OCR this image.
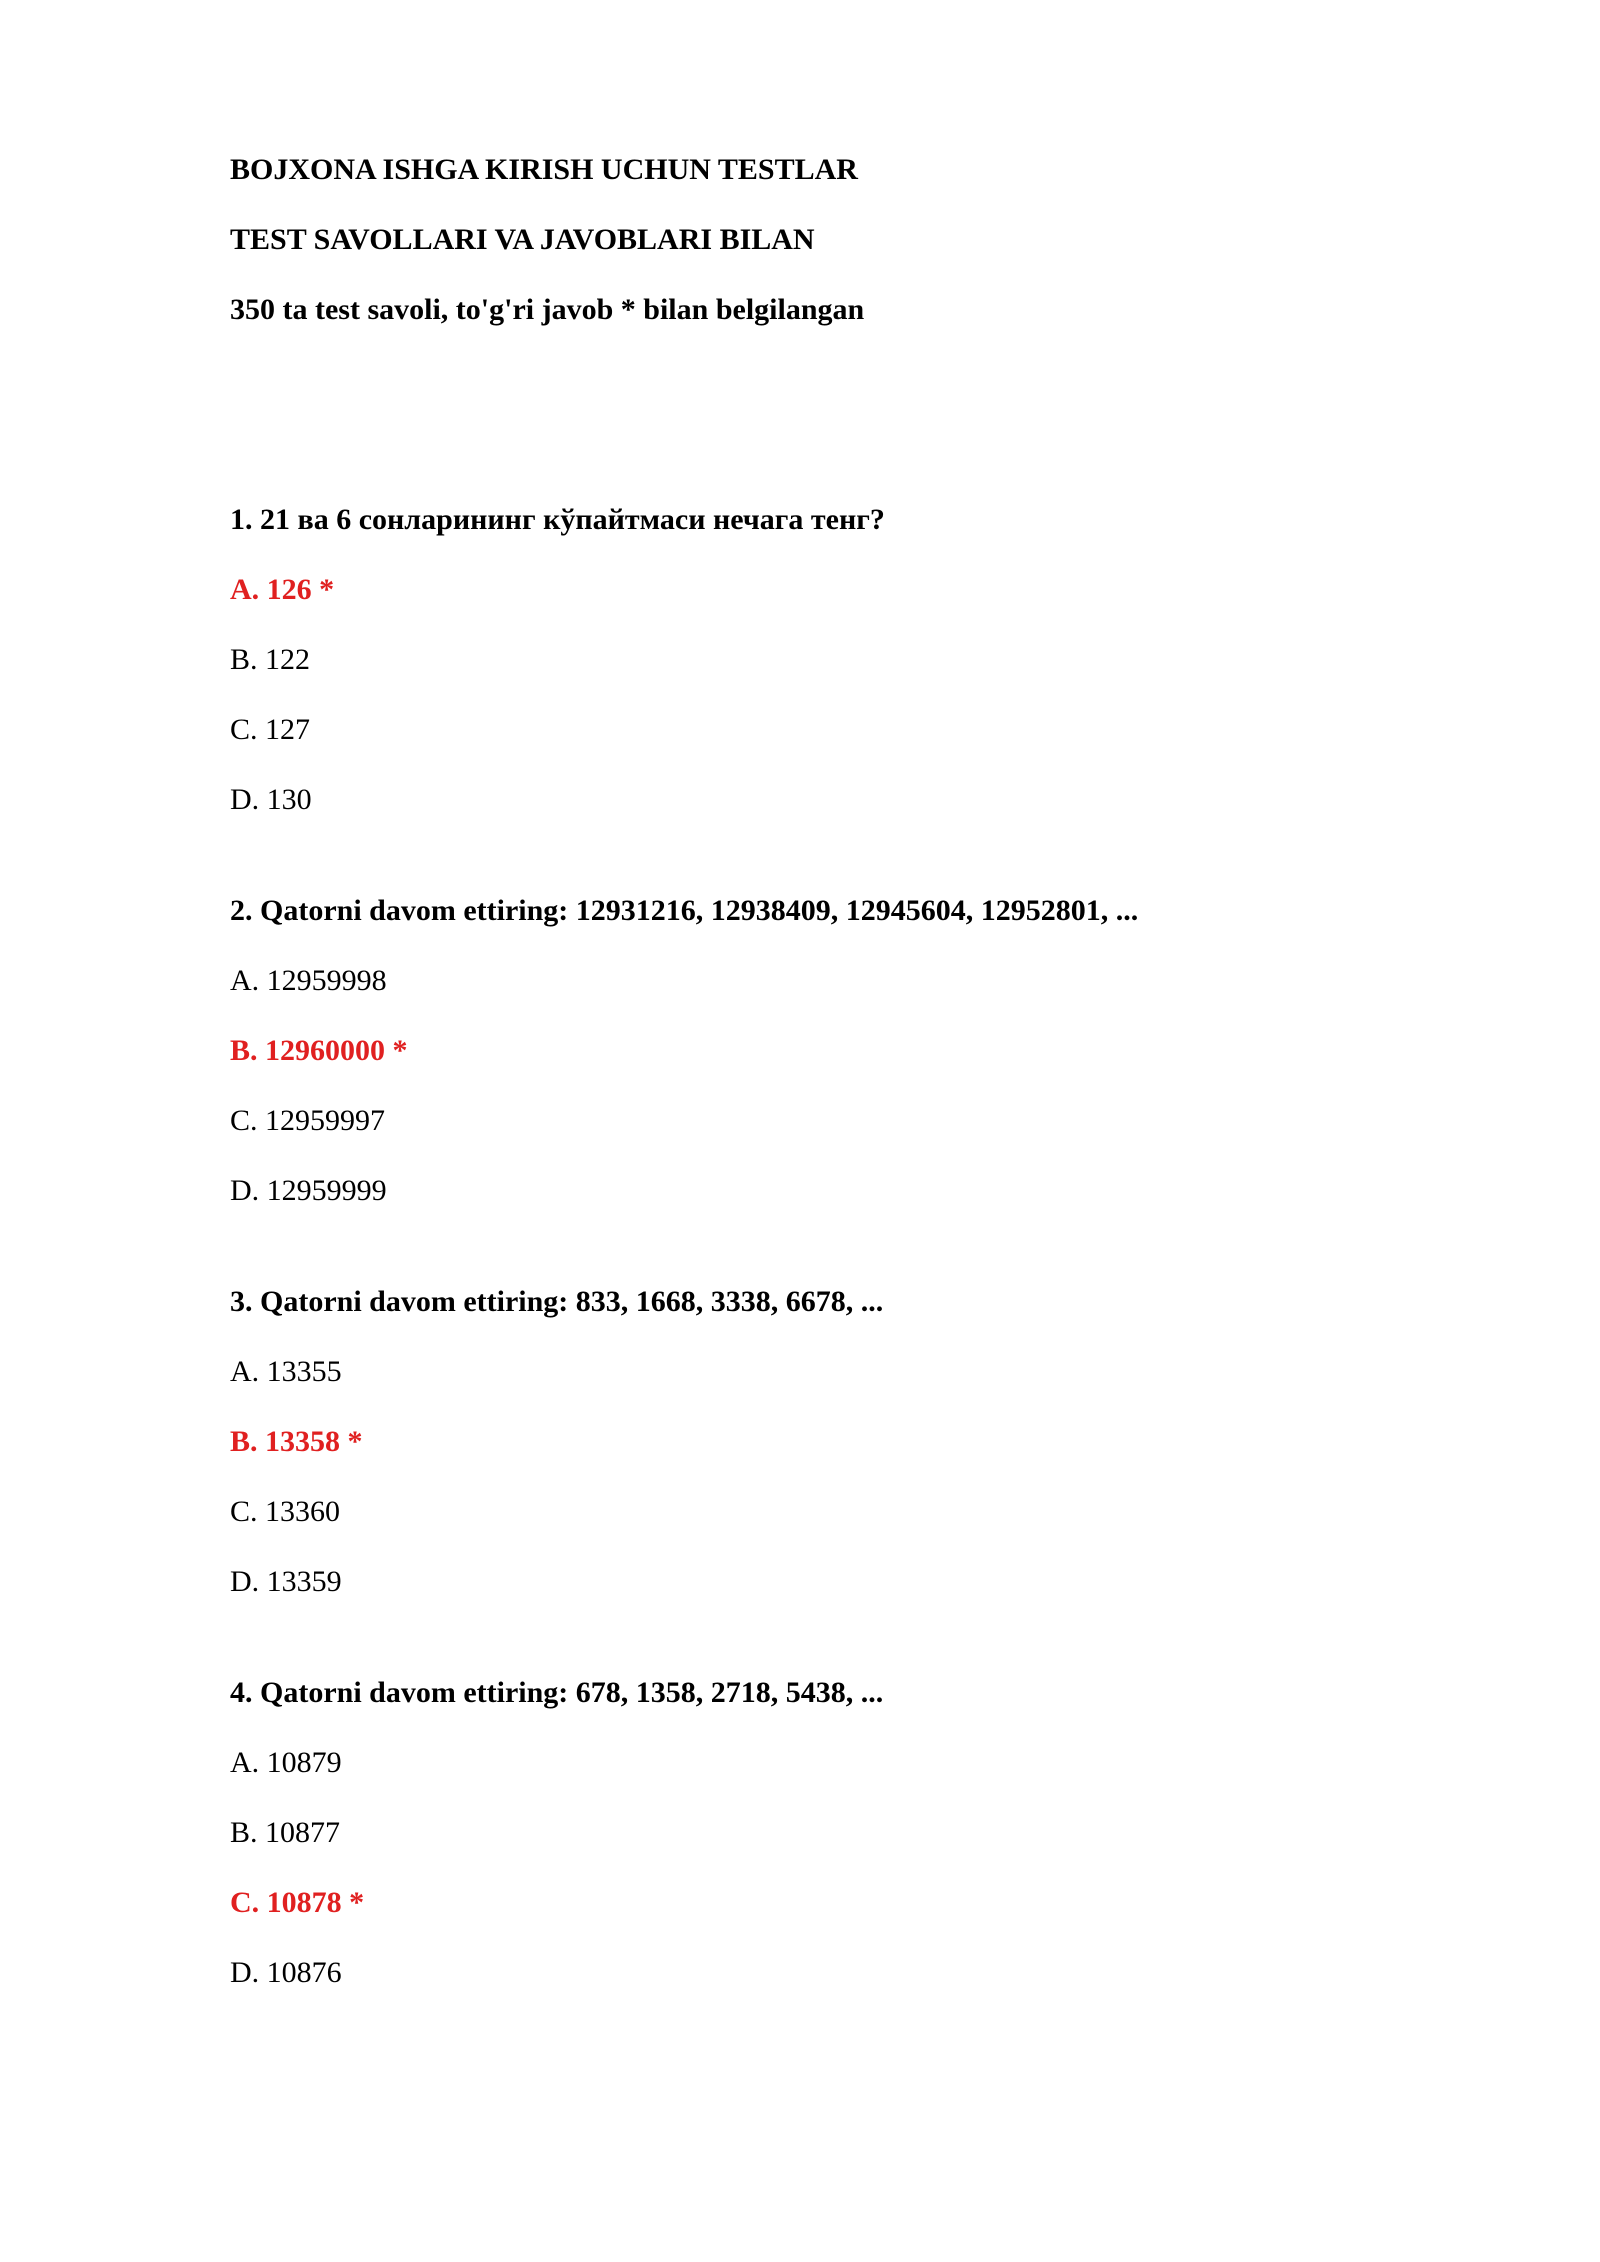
BOJXONA ISHGA KIRISH UCHUN TESTLAR
TEST SAVOLLARI VA JAVOBLARI BILAN
350 ta test savoli, to'g'ri javob * bilan belgilangan
1. 21 ва 6 сонларининг кўпайтмаси нечага тенг?
A. 126 *
B. 122
C. 127
D. 130
2. Qatorni davom ettiring: 12931216, 12938409, 12945604, 12952801, ...
A. 12959998
B. 12960000 *
C. 12959997
D. 12959999
3. Qatorni davom ettiring: 833, 1668, 3338, 6678, ...
A. 13355
B. 13358 *
C. 13360
D. 13359
4. Qatorni davom ettiring: 678, 1358, 2718, 5438, ...
A. 10879
B. 10877
C. 10878 *
D. 10876
